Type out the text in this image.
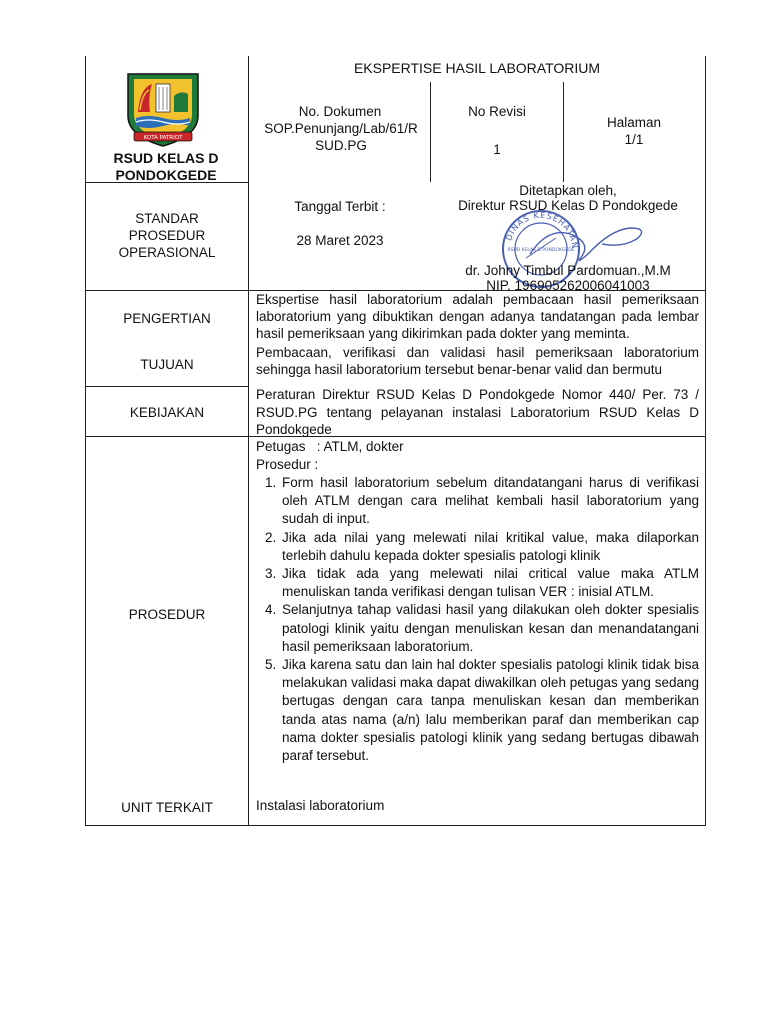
KOTA PATRIOT
RSUD KELAS D PONDOKGEDE
EKSPERTISE HASIL LABORATORIUM
No. Dokumen
SOP.Penunjang/Lab/61/RSUD.PG
No Revisi
1
Halaman
1/1
STANDAR PROSEDUR OPERASIONAL
Tanggal Terbit :
28 Maret 2023
Ditetapkan oleh,
Direktur RSUD Kelas D Pondokgede
DINAS KESEHATAN
RSUD KELAS D PONDOKGEDE
dr. Johny Timbul Pardomuan.,M.M
NIP. 196905262006041003
PENGERTIAN
Ekspertise hasil laboratorium adalah pembacaan hasil pemeriksaan laboratorium yang dibuktikan dengan adanya tandatangan pada lembar hasil pemeriksaan yang dikirimkan pada dokter yang meminta.
TUJUAN
Pembacaan, verifikasi dan validasi hasil pemeriksaan laboratorium sehingga hasil laboratorium tersebut benar-benar valid dan bermutu
KEBIJAKAN
Peraturan Direktur RSUD Kelas D Pondokgede Nomor 440/ Per. 73 / RSUD.PG tentang pelayanan instalasi Laboratorium RSUD Kelas D Pondokgede
PROSEDUR
Petugas   : ATLM, dokter
Prosedur :
1. Form hasil laboratorium sebelum ditandatangani harus di verifikasi oleh ATLM dengan cara melihat kembali hasil laboratorium yang sudah di input.
2. Jika ada nilai yang melewati nilai kritikal value, maka dilaporkan terlebih dahulu kepada dokter spesialis patologi klinik
3. Jika tidak ada yang melewati nilai critical value maka ATLM menuliskan tanda verifikasi dengan tulisan VER : inisial ATLM.
4. Selanjutnya tahap validasi hasil yang dilakukan oleh dokter spesialis patologi klinik yaitu dengan menuliskan kesan dan menandatangani hasil pemeriksaan laboratorium.
5. Jika karena satu dan lain hal dokter spesialis patologi klinik tidak bisa melakukan validasi maka dapat diwakilkan oleh petugas yang sedang bertugas dengan cara tanpa menuliskan kesan dan memberikan tanda atas nama (a/n) lalu memberikan paraf dan memberikan cap nama dokter spesialis patologi klinik yang sedang bertugas dibawah paraf tersebut.
UNIT TERKAIT	Instalasi laboratorium
